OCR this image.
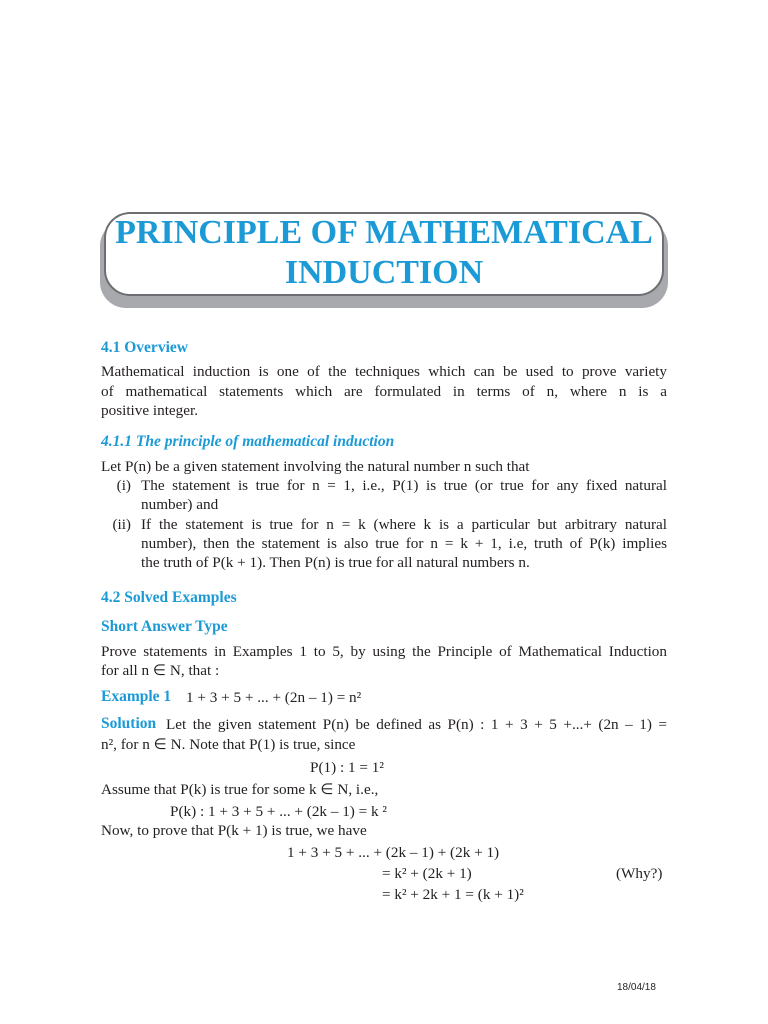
PRINCIPLE OF MATHEMATICAL
INDUCTION
4.1 Overview
Mathematical induction is one of the techniques which can be used to prove variety
of mathematical statements which are formulated in terms of n, where n is a
positive integer.
4.1.1 The principle of mathematical induction
Let P(n) be a given statement involving the natural number n such that
(i) The statement is true for n = 1, i.e., P(1) is true (or true for any fixed natural
number) and
(ii) If the statement is true for n = k (where k is a particular but arbitrary natural
number), then the statement is also true for n = k + 1, i.e, truth of P(k) implies
the truth of P(k + 1). Then P(n) is true for all natural numbers n.
4.2 Solved Examples
Short Answer Type
Prove statements in Examples 1 to 5, by using the Principle of Mathematical Induction
for all n ∈ N, that :
Example 1 1 + 3 + 5 + ... + (2n – 1) = n²
Solution Let the given statement P(n) be defined as P(n) : 1 + 3 + 5 +...+ (2n – 1) =
n², for n ∈ N. Note that P(1) is true, since
P(1) : 1 = 1²
Assume that P(k) is true for some k ∈ N, i.e.,
P(k) : 1 + 3 + 5 + ... + (2k – 1) = k ²
Now, to prove that P(k + 1) is true, we have
1 + 3 + 5 + ... + (2k – 1) + (2k + 1)
= k² + (2k + 1)	(Why?)
= k² + 2k + 1 = (k + 1)²
18/04/18
